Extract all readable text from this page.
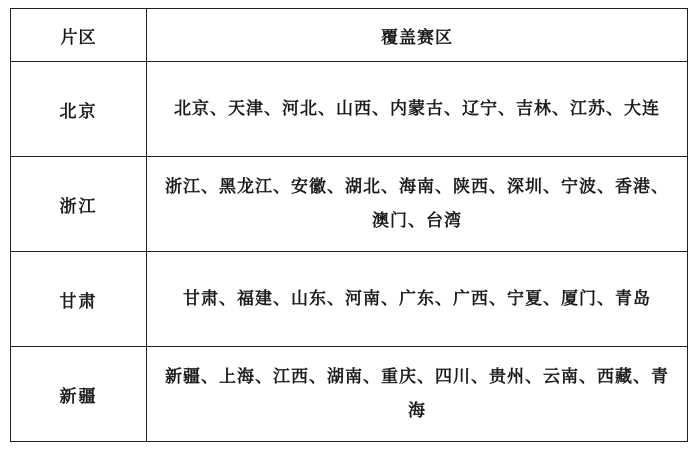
片区	覆盖赛区
北京	北京、天津、河北、山西、内蒙古、辽宁、吉林、江苏、大连
浙江	浙江、黑龙江、安徽、湖北、海南、陕西、深圳、宁波、香港、澳门、台湾
甘肃	甘肃、福建、山东、河南、广东、广西、宁夏、厦门、青岛
新疆	新疆、上海、江西、湖南、重庆、四川、贵州、云南、西藏、青海
